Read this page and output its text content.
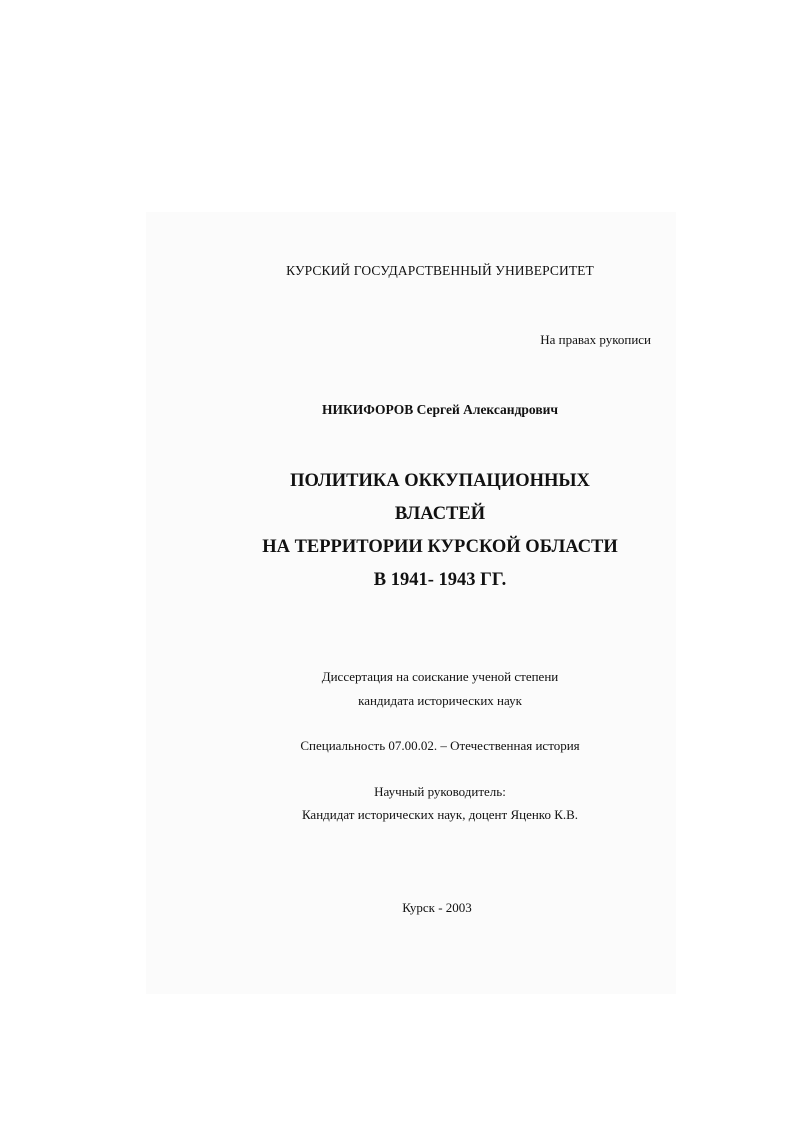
КУРСКИЙ ГОСУДАРСТВЕННЫЙ УНИВЕРСИТЕТ
На правах рукописи
НИКИФОРОВ Сергей Александрович
ПОЛИТИКА ОККУПАЦИОННЫХ
ВЛАСТЕЙ
НА ТЕРРИТОРИИ КУРСКОЙ ОБЛАСТИ
В 1941- 1943 ГГ.
Диссертация на соискание ученой степени
кандидата исторических наук
Специальность 07.00.02. – Отечественная история
Научный руководитель:
Кандидат исторических наук, доцент Яценко К.В.
Курск - 2003
